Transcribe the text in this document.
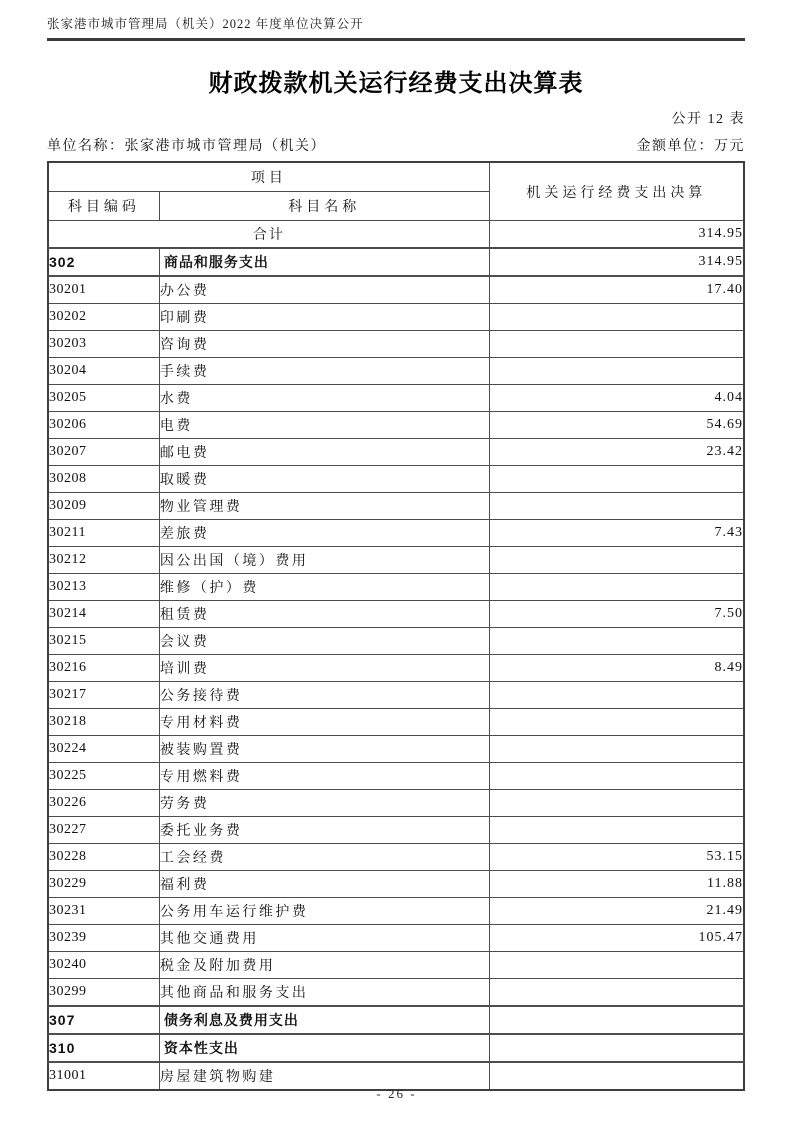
张家港市城市管理局（机关）2022 年度单位决算公开
财政拨款机关运行经费支出决算表
公开 12 表
单位名称：张家港市城市管理局（机关）	金额单位：万元
项目		机关运行经费支出决算
科目编码	科目名称	
合计		314.95
302	商品和服务支出	314.95
30201	办公费	17.40
30202	印刷费	
30203	咨询费	
30204	手续费	
30205	水费	4.04
30206	电费	54.69
30207	邮电费	23.42
30208	取暖费	
30209	物业管理费	
30211	差旅费	7.43
30212	因公出国（境）费用	
30213	维修（护）费	
30214	租赁费	7.50
30215	会议费	
30216	培训费	8.49
30217	公务接待费	
30218	专用材料费	
30224	被装购置费	
30225	专用燃料费	
30226	劳务费	
30227	委托业务费	
30228	工会经费	53.15
30229	福利费	11.88
30231	公务用车运行维护费	21.49
30239	其他交通费用	105.47
30240	税金及附加费用	
30299	其他商品和服务支出	
307	债务利息及费用支出	
310	资本性支出	
31001	房屋建筑物购建	
- 26 -
